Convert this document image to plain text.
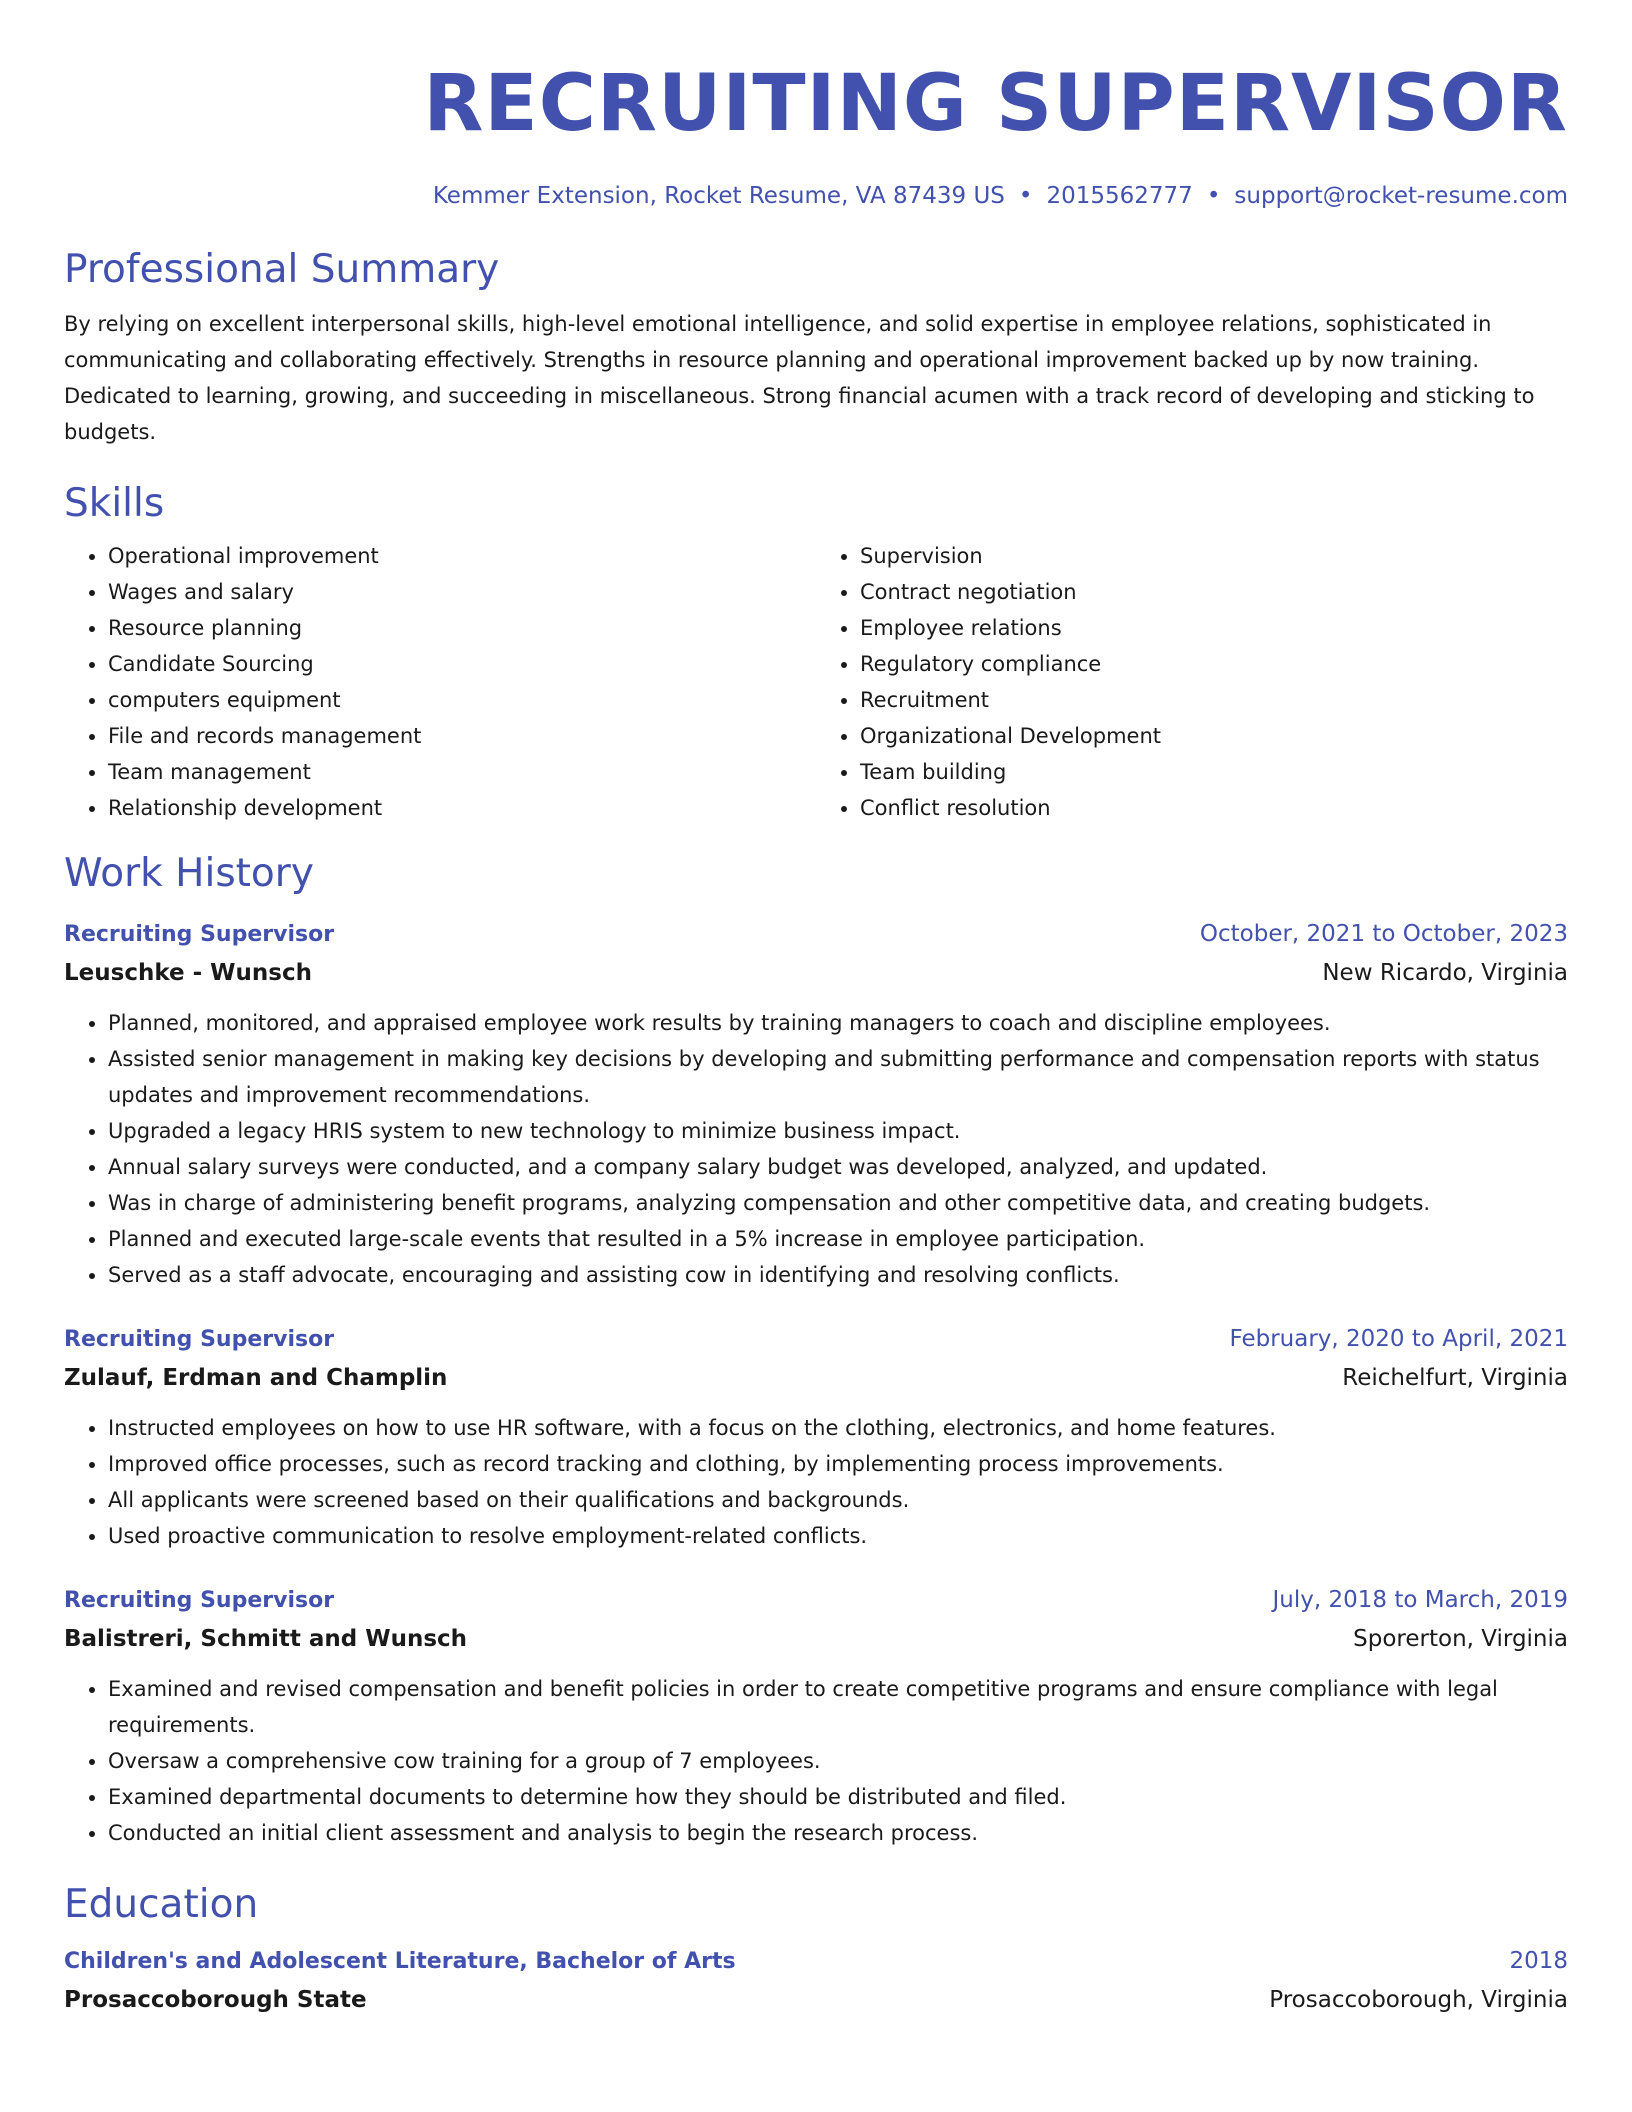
RECRUITING SUPERVISOR
Kemmer Extension, Rocket Resume, VA 87439 US • 2015562777 • support@rocket-resume.com
Professional Summary

By relying on excellent interpersonal skills, high-level emotional intelligence, and solid expertise in employee relations, sophisticated in communicating and collaborating effectively. Strengths in resource planning and operational improvement backed up by now training. Dedicated to learning, growing, and succeeding in miscellaneous. Strong financial acumen with a track record of developing and sticking to budgets.

Skills
• Operational improvement
• Wages and salary
• Resource planning
• Candidate Sourcing
• computers equipment
• File and records management
• Team management
• Relationship development
• Supervision
• Contract negotiation
• Employee relations
• Regulatory compliance
• Recruitment
• Organizational Development
• Team building
• Conflict resolution
Work History
Recruiting Supervisor	October, 2021 to October, 2023
Leuschke - Wunsch	New Ricardo, Virginia
• Planned, monitored, and appraised employee work results by training managers to coach and discipline employees.
• Assisted senior management in making key decisions by developing and submitting performance and compensation reports with status updates and improvement recommendations.
• Upgraded a legacy HRIS system to new technology to minimize business impact.
• Annual salary surveys were conducted, and a company salary budget was developed, analyzed, and updated.
• Was in charge of administering benefit programs, analyzing compensation and other competitive data, and creating budgets.
• Planned and executed large-scale events that resulted in a 5% increase in employee participation.
• Served as a staff advocate, encouraging and assisting cow in identifying and resolving conflicts.
Recruiting Supervisor	February, 2020 to April, 2021
Zulauf, Erdman and Champlin	Reichelfurt, Virginia
• Instructed employees on how to use HR software, with a focus on the clothing, electronics, and home features.
• Improved office processes, such as record tracking and clothing, by implementing process improvements.
• All applicants were screened based on their qualifications and backgrounds.
• Used proactive communication to resolve employment-related conflicts.
Recruiting Supervisor	July, 2018 to March, 2019
Balistreri, Schmitt and Wunsch	Sporerton, Virginia
• Examined and revised compensation and benefit policies in order to create competitive programs and ensure compliance with legal requirements.
• Oversaw a comprehensive cow training for a group of 7 employees.
• Examined departmental documents to determine how they should be distributed and filed.
• Conducted an initial client assessment and analysis to begin the research process.
Education
Children's and Adolescent Literature, Bachelor of Arts	2018
Prosaccoborough State	Prosaccoborough, Virginia
